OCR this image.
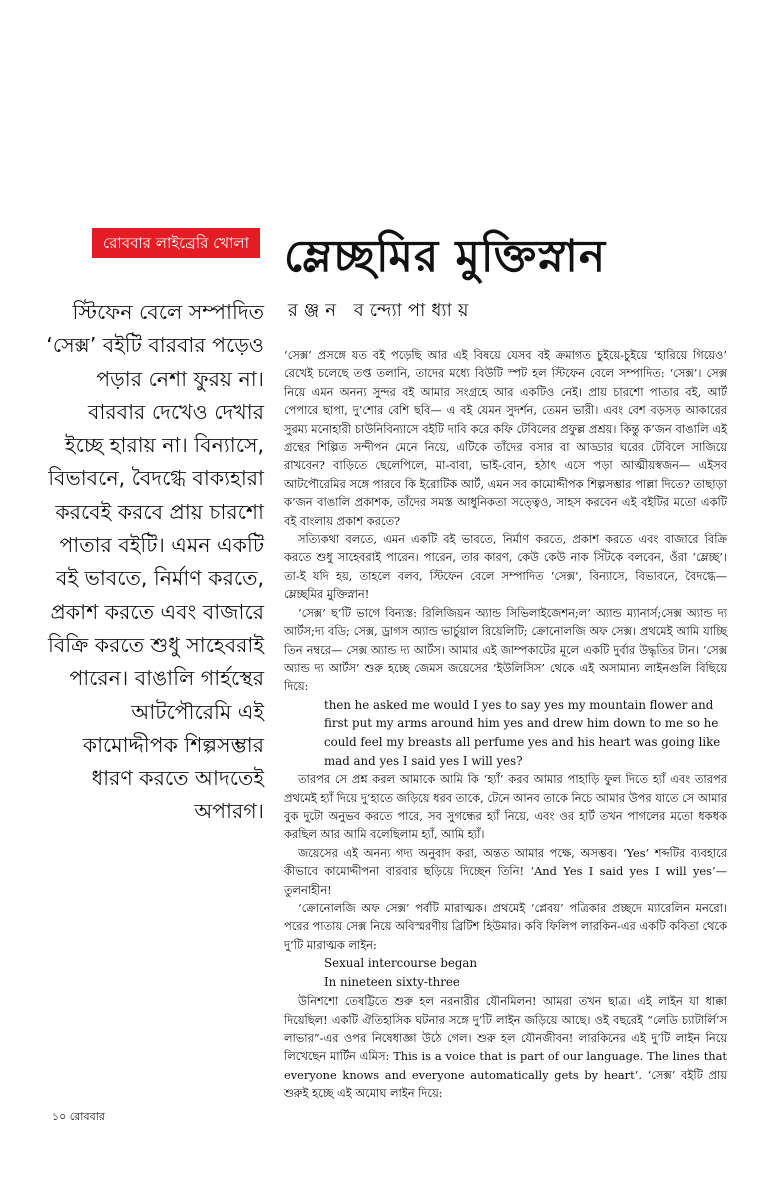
রোববার লাইব্রেরি খোলা ম্লেচ্ছমির মুক্তিস্নান
রঞ্জন বন্দ্যোপাধ্যায়

স্টিফেন বেলে সম্পাদিত ‘সেক্স’ বইটি বারবার পড়েও পড়ার নেশা ফুরয় না। বারবার দেখেও দেখার ইচ্ছে হারায় না। বিন্যাসে, বিভাবনে, বৈদগ্ধে বাক্যহারা করবেই করবে প্রায় চারশো পাতার বইটি। এমন একটি বই ভাবতে, নির্মাণ করতে, প্রকাশ করতে এবং বাজারে বিক্রি করতে শুধু সাহেবরাই পারেন। বাঙালি গার্হস্থের আটপৌরেমি এই কামোদ্দীপক শিল্পসম্ভার ধারণ করতে আদতেই অপারগ।

‘সেক্স’ প্রসঙ্গে যত বই পড়েছি আর এই বিষয়ে যেসব বই ক্রমাগত চুইয়ে-চুইয়ে ‘হারিয়ে গিয়েও’ রেখেই চলেছে তপ্ত তলানি, তাদের মধ্যে বিউটি স্পট হল স্টিফেন বেলে সম্পাদিত: ‘সেক্স’। সেক্স নিয়ে এমন অনন্য সুন্দর বই আমার সংগ্রহে আর একটিও নেই। প্রায় চারশো পাতার বই, আর্ট পেপারে ছাপা, দু’শোর বেশি ছবি— এ বই যেমন সুদর্শন, তেমন ভারী। এবং বেশ বড়সড় আকারের সুরম্য মনোহারী চাউনিবিন্যাসে বইটি দাবি করে কফি টেবিলের প্রফুল্ল প্রশ্রয়। কিন্তু ক’জন বাঙালি এই গ্রন্থের শিল্পিত সন্দীপন মেনে নিয়ে, এটিকে তাঁদের বসার বা আড্ডার ঘরের টেবিলে সাজিয়ে রাখবেন? বাড়িতে ছেলেপিলে, মা-বাবা, ভাই-বোন, হঠাৎ এসে পড়া আত্মীয়স্বজন— এইসব আটপৌরেমির সঙ্গে পারবে কি ইরোটিক আর্ট, এমন সব কামোদ্দীপক শিল্পসম্ভার পাল্লা দিতে? তাছাড়া ক’জন বাঙালি প্রকাশক, তাঁদের সমস্ত আধুনিকতা সত্ত্বেও, সাহস করবেন এই বইটির মতো একটি বই বাংলায় প্রকাশ করতে?

সত্যিকথা বলতে, এমন একটি বই ভাবতে, নির্মাণ করতে, প্রকাশ করতে এবং বাজারে বিক্রি করতে শুধু সাহেবরাই পারেন। পারেন, তার কারণ, কেউ কেউ নাক সিঁটকে বলবেন, ওঁরা ‘ম্লেচ্ছ’। তা-ই যদি হয়, তাহলে বলব, স্টিফেন বেলে সম্পাদিত ‘সেক্স’, বিন্যাসে, বিভাবনে, বৈদগ্ধে— ম্লেচ্ছমির মুক্তিস্নান!

‘সেক্স’ ছ’টি ভাগে বিন্যস্ত: রিলিজিয়ন অ্যান্ড সিভিলাইজেশন;ল’ অ্যান্ড ম্যানার্স;সেক্স অ্যান্ড দ্য আর্টস;দ্য বডি; সেক্স, ড্রাগস অ্যান্ড ভার্চুয়াল রিয়েলিটি; ক্রোনোলজি অফ সেক্স। প্রথমেই আমি যাচ্ছি তিন নম্বরে— সেক্স অ্যান্ড দ্য আর্টস। আমার এই জাম্পকাটের মূলে একটি দুর্বার উদ্ধৃতির টান। ‘সেক্স অ্যান্ড দ্য আর্টস’ শুরু হচ্ছে জেমস জয়েসের ‘ইউলিসিস’ থেকে এই অসামান্য লাইনগুলি বিছিয়ে দিয়ে:

then he asked me would I yes to say yes my mountain flower and first put my arms around him yes and drew him down to me so he could feel my breasts all perfume yes and his heart was going like mad and yes I said yes I will yes?

তারপর সে প্রশ্ন করল আমাকে আমি কি ‘হ্যাঁ’ করব আমার পাহাড়ি ফুল দিতে হ্যাঁ এবং তারপর প্রথমেই হ্যাঁ দিয়ে দু’হাতে জড়িয়ে ধরব তাকে, টেনে আনব তাকে নিচে আমার উপর যাতে সে আমার বুক দুটো অনুভব করতে পারে, সব সুগন্ধের হ্যাঁ নিয়ে, এবং ওর হার্ট তখন পাগলের মতো ধকধক করছিল আর আমি বলেছিলাম হ্যাঁ, আমি হ্যাঁ।

জয়েসের এই অনন্য গদ্য অনুবাদ করা, অন্তত আমার পক্ষে, অসম্ভব। ‘Yes’ শব্দটির ব্যবহারে কীভাবে কামোদ্দীপনা বারবার ছড়িয়ে দিচ্ছেন তিনি! ‘And Yes I said yes I will yes’— তুলনাহীন!

‘ক্রোনোলজি অফ সেক্স’ পর্বটি মারাত্মক। প্রথমেই ‘প্লেবয়’ পত্রিকার প্রচ্ছদে ম্যারেলিন মনরো। পরের পাতায় সেক্স নিয়ে অবিস্মরণীয় ব্রিটিশ হিউমার। কবি ফিলিপ লারকিন-এর একটি কবিতা থেকে দু’টি মারাত্মক লাইন:

Sexual intercourse began

In nineteen sixty-three

উনিশশো তেষট্টিতে শুরু হল নরনারীর যৌনমিলন! আমরা তখন ছাত্র। এই লাইন যা ধাক্কা দিয়েছিল! একটি ঐতিহাসিক ঘটনার সঙ্গে দু’টি লাইন জড়িয়ে আছে। ওই বছরেই “লেডি চ্যাটার্লি’স লাভার”-এর ওপর নিষেধাজ্ঞা উঠে গেল। শুরু হল যৌনজীবন! লারকিনের এই দু’টি লাইন নিয়ে লিখেছেন মার্টিন এমিস: This is a voice that is part of our language. The lines that everyone knows and everyone automatically gets by heart’. ‘সেক্স’ বইটি প্রায় শুরুই হচ্ছে এই অমোঘ লাইন দিয়ে:

১০ রোববার
